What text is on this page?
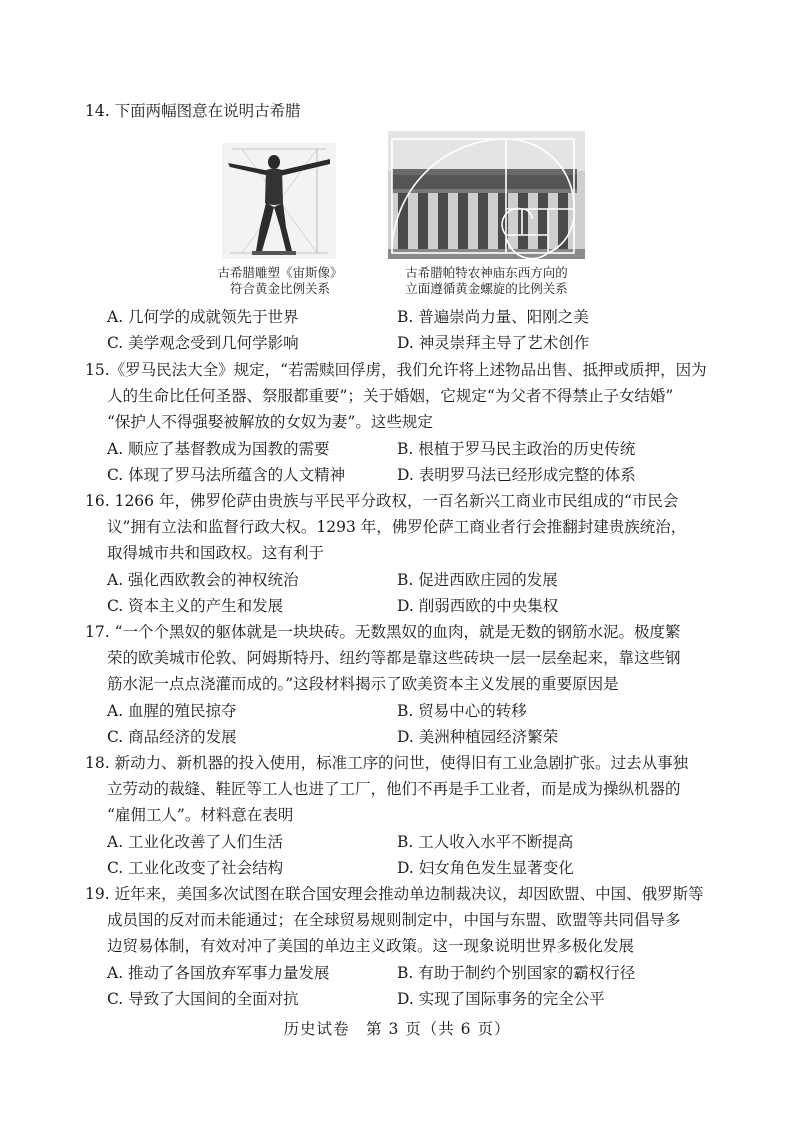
14. 下面两幅图意在说明古希腊
古希腊雕塑《宙斯像》
符合黄金比例关系
古希腊帕特农神庙东西方向的
立面遵循黄金螺旋的比例关系
A. 几何学的成就领先于世界	B. 普遍崇尚力量、阳刚之美
C. 美学观念受到几何学影响	D. 神灵崇拜主导了艺术创作
15.《罗马民法大全》规定，“若需赎回俘虏，我们允许将上述物品出售、抵押或质押，因为
人的生命比任何圣器、祭服都重要”；关于婚姻，它规定“为父者不得禁止子女结婚”
“保护人不得强娶被解放的女奴为妻”。这些规定
A. 顺应了基督教成为国教的需要	B. 根植于罗马民主政治的历史传统
C. 体现了罗马法所蕴含的人文精神	D. 表明罗马法已经形成完整的体系
16. 1266 年，佛罗伦萨由贵族与平民平分政权，一百名新兴工商业市民组成的“市民会
议”拥有立法和监督行政大权。1293 年，佛罗伦萨工商业者行会推翻封建贵族统治，
取得城市共和国政权。这有利于
A. 强化西欧教会的神权统治	B. 促进西欧庄园的发展
C. 资本主义的产生和发展	D. 削弱西欧的中央集权
17. “一个个黑奴的躯体就是一块块砖。无数黑奴的血肉，就是无数的钢筋水泥。极度繁
荣的欧美城市伦敦、阿姆斯特丹、纽约等都是靠这些砖块一层一层垒起来，靠这些钢
筋水泥一点点浇灌而成的。”这段材料揭示了欧美资本主义发展的重要原因是
A. 血腥的殖民掠夺	B. 贸易中心的转移
C. 商品经济的发展	D. 美洲种植园经济繁荣
18. 新动力、新机器的投入使用，标准工序的问世，使得旧有工业急剧扩张。过去从事独
立劳动的裁缝、鞋匠等工人也进了工厂，他们不再是手工业者，而是成为操纵机器的
“雇佣工人”。材料意在表明
A. 工业化改善了人们生活	B. 工人收入水平不断提高
C. 工业化改变了社会结构	D. 妇女角色发生显著变化
19. 近年来，美国多次试图在联合国安理会推动单边制裁决议，却因欧盟、中国、俄罗斯等
成员国的反对而未能通过；在全球贸易规则制定中，中国与东盟、欧盟等共同倡导多
边贸易体制，有效对冲了美国的单边主义政策。这一现象说明世界多极化发展
A. 推动了各国放弃军事力量发展	B. 有助于制约个别国家的霸权行径
C. 导致了大国间的全面对抗	D. 实现了国际事务的完全公平
历史试卷　第 3 页（共 6 页）
